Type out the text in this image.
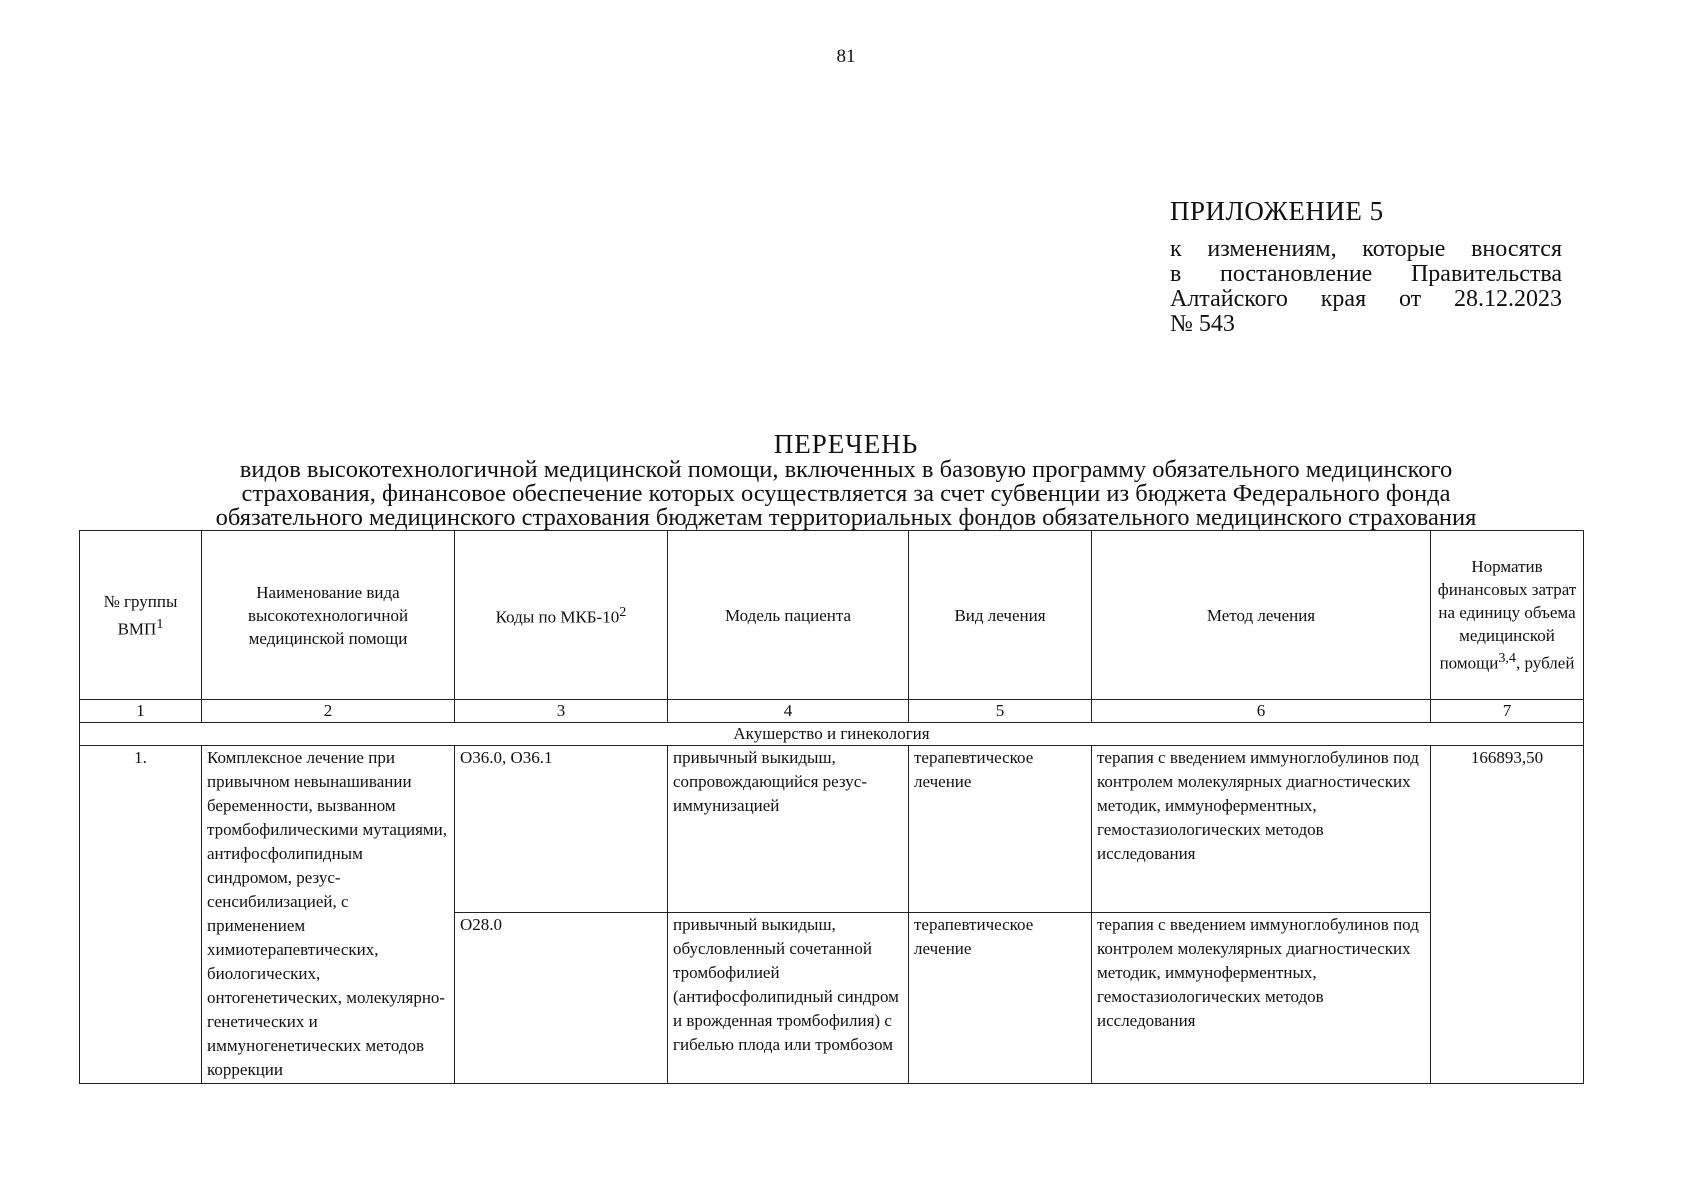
81
ПРИЛОЖЕНИЕ 5
к изменениям, которые вносятся
в постановление Правительства
Алтайского края от 28.12.2023
№ 543
ПЕРЕЧЕНЬ
видов высокотехнологичной медицинской помощи, включенных в базовую программу обязательного медицинского
страхования, финансовое обеспечение которых осуществляется за счет субвенции из бюджета Федерального фонда
обязательного медицинского страхования бюджетам территориальных фондов обязательного медицинского страхования
№ группы ВМП$^1$	Наименование вида высокотехнологичной медицинской помощи	Коды по МКБ-$10^2$	Модель пациента	Вид лечения	Метод лечения	Норматив финансовых затрат на единицу объема медицинской помощи$^{3,4}$, рублей
1	2	3	4	5	6	7
Акушерство и гинекология						
1.	Комплексное лечение при привычном невынашивании беременности, вызванном тромбофилическими мутациями, антифосфолипидным синдромом, резус-сенсибилизацией, с применением химиотерапевтических, биологических, онтогенетических, молекулярно-генетических и иммуногенетических методов коррекции	O36.0, O36.1	привычный выкидыш, сопровождающийся резус-иммунизацией	терапевтическое лечение	терапия с введением иммуноглобулинов под контролем молекулярных диагностических методик, иммуноферментных, гемостазиологических методов исследования	166893,50
		O28.0	привычный выкидыш, обусловленный сочетанной тромбофилией (антифосфолипидный синдром и врожденная тромбофилия) с гибелью плода или тромбозом	терапевтическое лечение	терапия с введением иммуноглобулинов под контролем молекулярных диагностических методик, иммуноферментных, гемостазиологических методов исследования	
